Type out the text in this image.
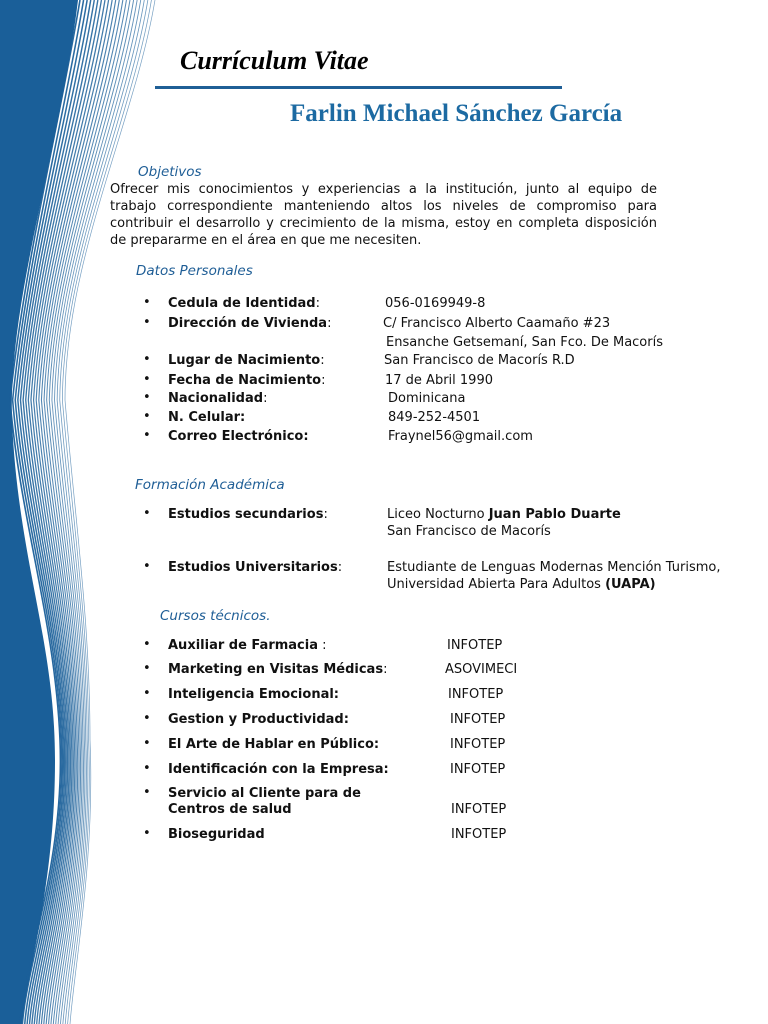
Currículum Vitae
Farlin Michael Sánchez García
Objetivos
Ofrecer mis conocimientos y experiencias a la institución, junto al equipo de trabajo correspondiente manteniendo altos los niveles de compromiso para contribuir el desarrollo y crecimiento de la misma, estoy en completa disposición de prepararme en el área en que me necesiten.
Datos Personales
• Cedula de Identidad:	056-0169949-8
• Dirección de Vivienda:	C/ Francisco Alberto Caamaño #23
Ensanche Getsemaní, San Fco. De Macorís
• Lugar de Nacimiento:	San Francisco de Macorís R.D
• Fecha de Nacimiento:	17 de Abril 1990
• Nacionalidad:	Dominicana
• N. Celular:	849-252-4501
• Correo Electrónico:	Fraynel56@gmail.com
Formación Académica
• Estudios secundarios:	Liceo Nocturno Juan Pablo Duarte
San Francisco de Macorís
• Estudios Universitarios:	Estudiante de Lenguas Modernas Mención Turismo,
Universidad Abierta Para Adultos (UAPA)
Cursos técnicos.
• Auxiliar de Farmacia :	INFOTEP
• Marketing en Visitas Médicas:	ASOVIMECI
• Inteligencia Emocional:	INFOTEP
• Gestion y Productividad:	INFOTEP
• El Arte de Hablar en Público:	INFOTEP
• Identificación con la Empresa:	INFOTEP
• Servicio al Cliente para de
Centros de salud	INFOTEP
• Bioseguridad	INFOTEP
